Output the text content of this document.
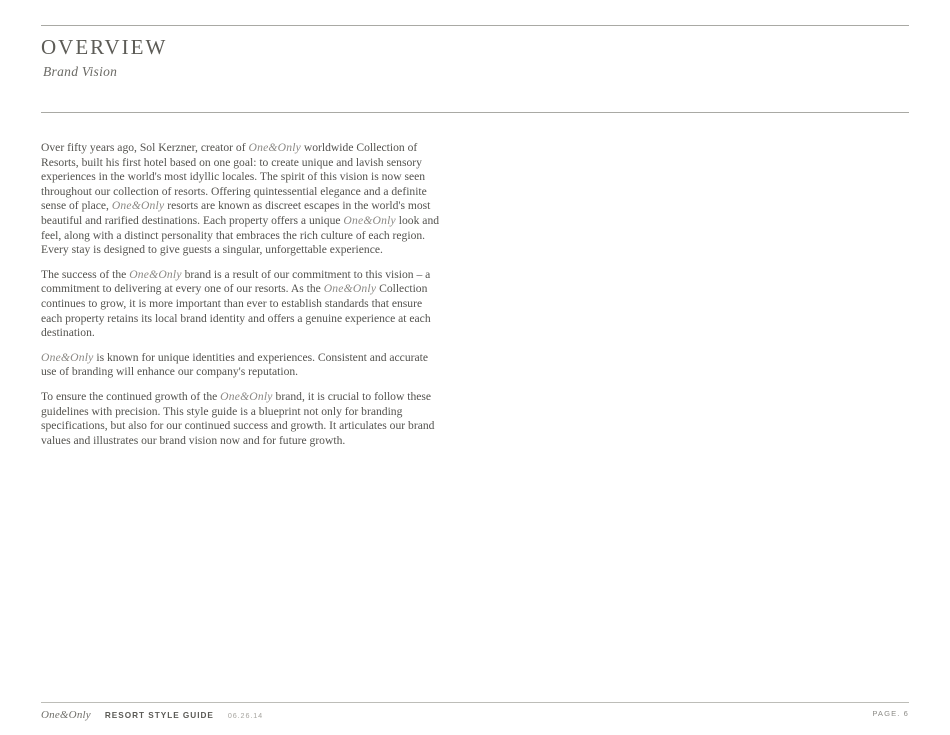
OVERVIEW
Brand Vision

Over fifty years ago, Sol Kerzner, creator of One&Only worldwide Collection of Resorts, built his first hotel based on one goal: to create unique and lavish sensory experiences in the world's most idyllic locales. The spirit of this vision is now seen throughout our collection of resorts. Offering quintessential elegance and a definite sense of place, One&Only resorts are known as discreet escapes in the world's most beautiful and rarified destinations. Each property offers a unique One&Only look and feel, along with a distinct personality that embraces the rich culture of each region. Every stay is designed to give guests a singular, unforgettable experience.

The success of the One&Only brand is a result of our commitment to this vision – a commitment to delivering at every one of our resorts. As the One&Only Collection continues to grow, it is more important than ever to establish standards that ensure each property retains its local brand identity and offers a genuine experience at each destination.

One&Only is known for unique identities and experiences. Consistent and accurate use of branding will enhance our company's reputation.

To ensure the continued growth of the One&Only brand, it is crucial to follow these guidelines with precision. This style guide is a blueprint not only for branding specifications, but also for our continued success and growth. It articulates our brand values and illustrates our brand vision now and for future growth.

One&Only RESORT STYLE GUIDE 06.26.14	PAGE. 6
